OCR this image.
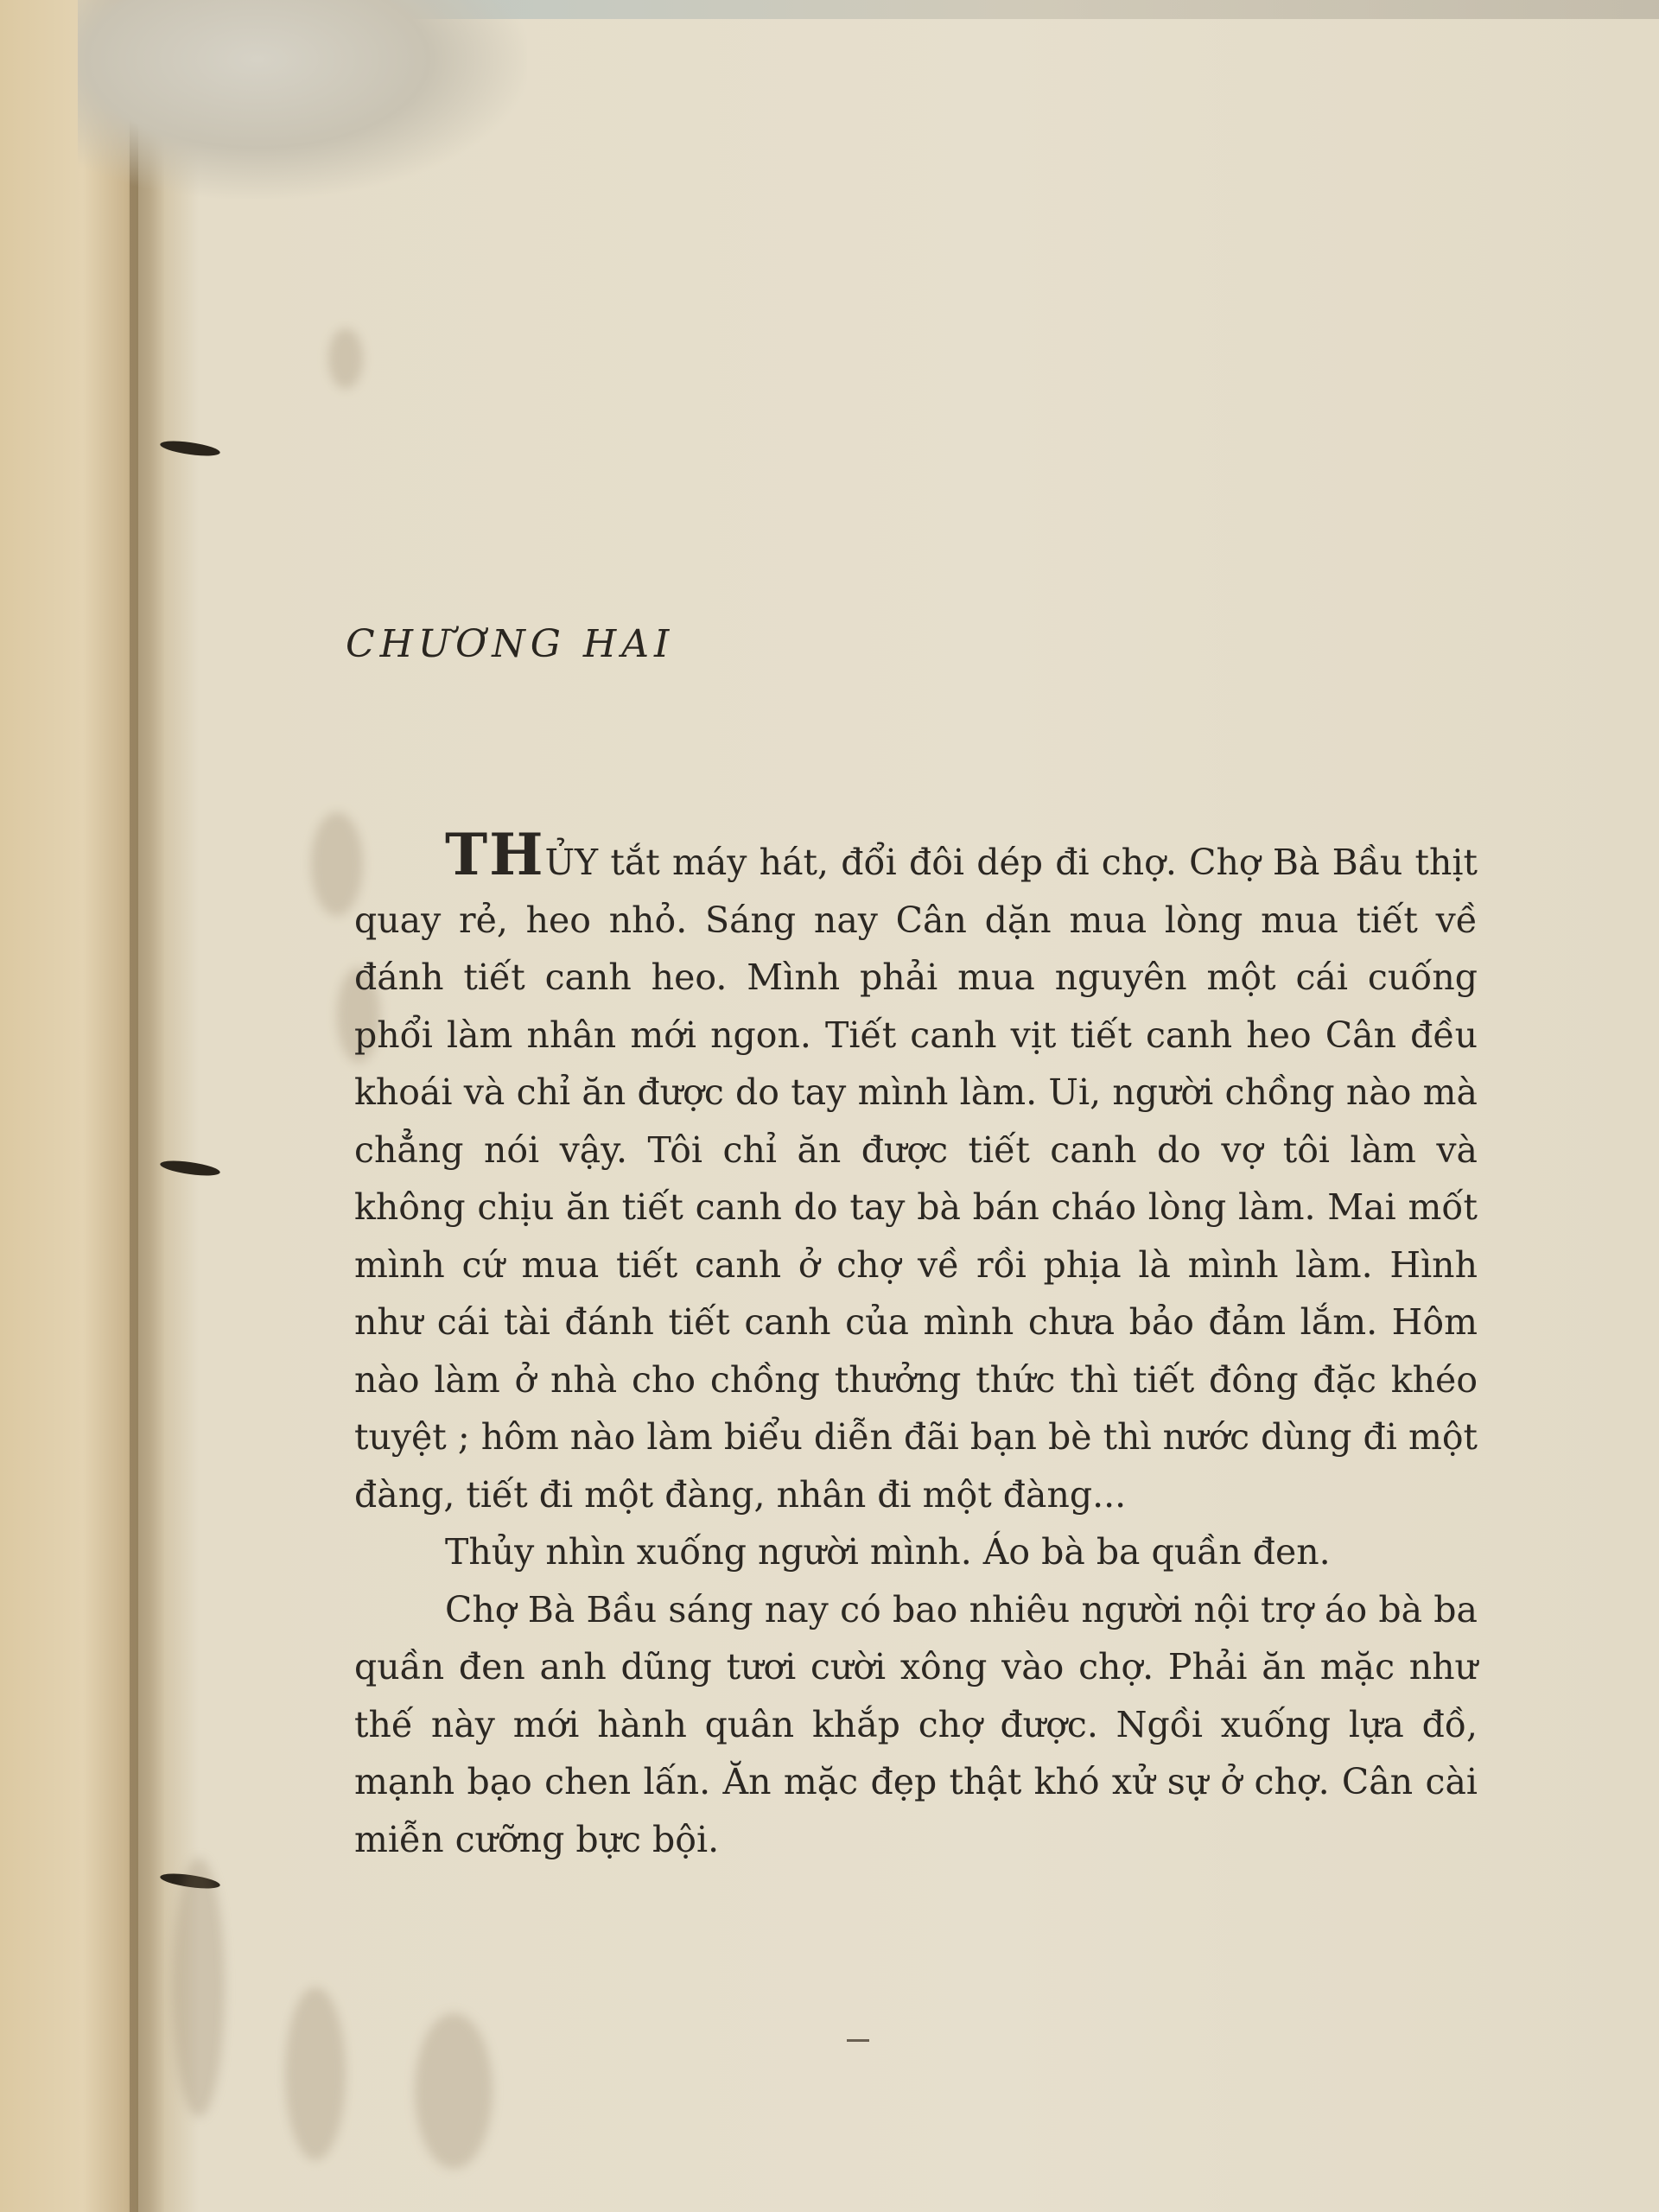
CHƯƠNG HAI

THỦY tắt máy hát, đổi đôi dép đi chợ. Chợ Bà Bầu thịt quay rẻ, heo nhỏ. Sáng nay Cân dặn mua lòng mua tiết về đánh tiết canh heo. Mình phải mua nguyên một cái cuống phổi làm nhân mới ngon. Tiết canh vịt tiết canh heo Cân đều khoái và chỉ ăn được do tay mình làm. Ui, người chồng nào mà chẳng nói vậy. Tôi chỉ ăn được tiết canh do vợ tôi làm và không chịu ăn tiết canh do tay bà bán cháo lòng làm. Mai mốt mình cứ mua tiết canh ở chợ về rồi phịa là mình làm. Hình như cái tài đánh tiết canh của mình chưa bảo đảm lắm. Hôm nào làm ở nhà cho chồng thưởng thức thì tiết đông đặc khéo tuyệt ; hôm nào làm biểu diễn đãi bạn bè thì nước dùng đi một đàng, tiết đi một đàng, nhân đi một đàng...

Thủy nhìn xuống người mình. Áo bà ba quần đen.

Chợ Bà Bầu sáng nay có bao nhiêu người nội trợ áo bà ba quần đen anh dũng tươi cười xông vào chợ. Phải ăn mặc như thế này mới hành quân khắp chợ được. Ngồi xuống lựa đồ, mạnh bạo chen lấn. Ăn mặc đẹp thật khó xử sự ở chợ. Cân cài miễn cưỡng bực bội.
